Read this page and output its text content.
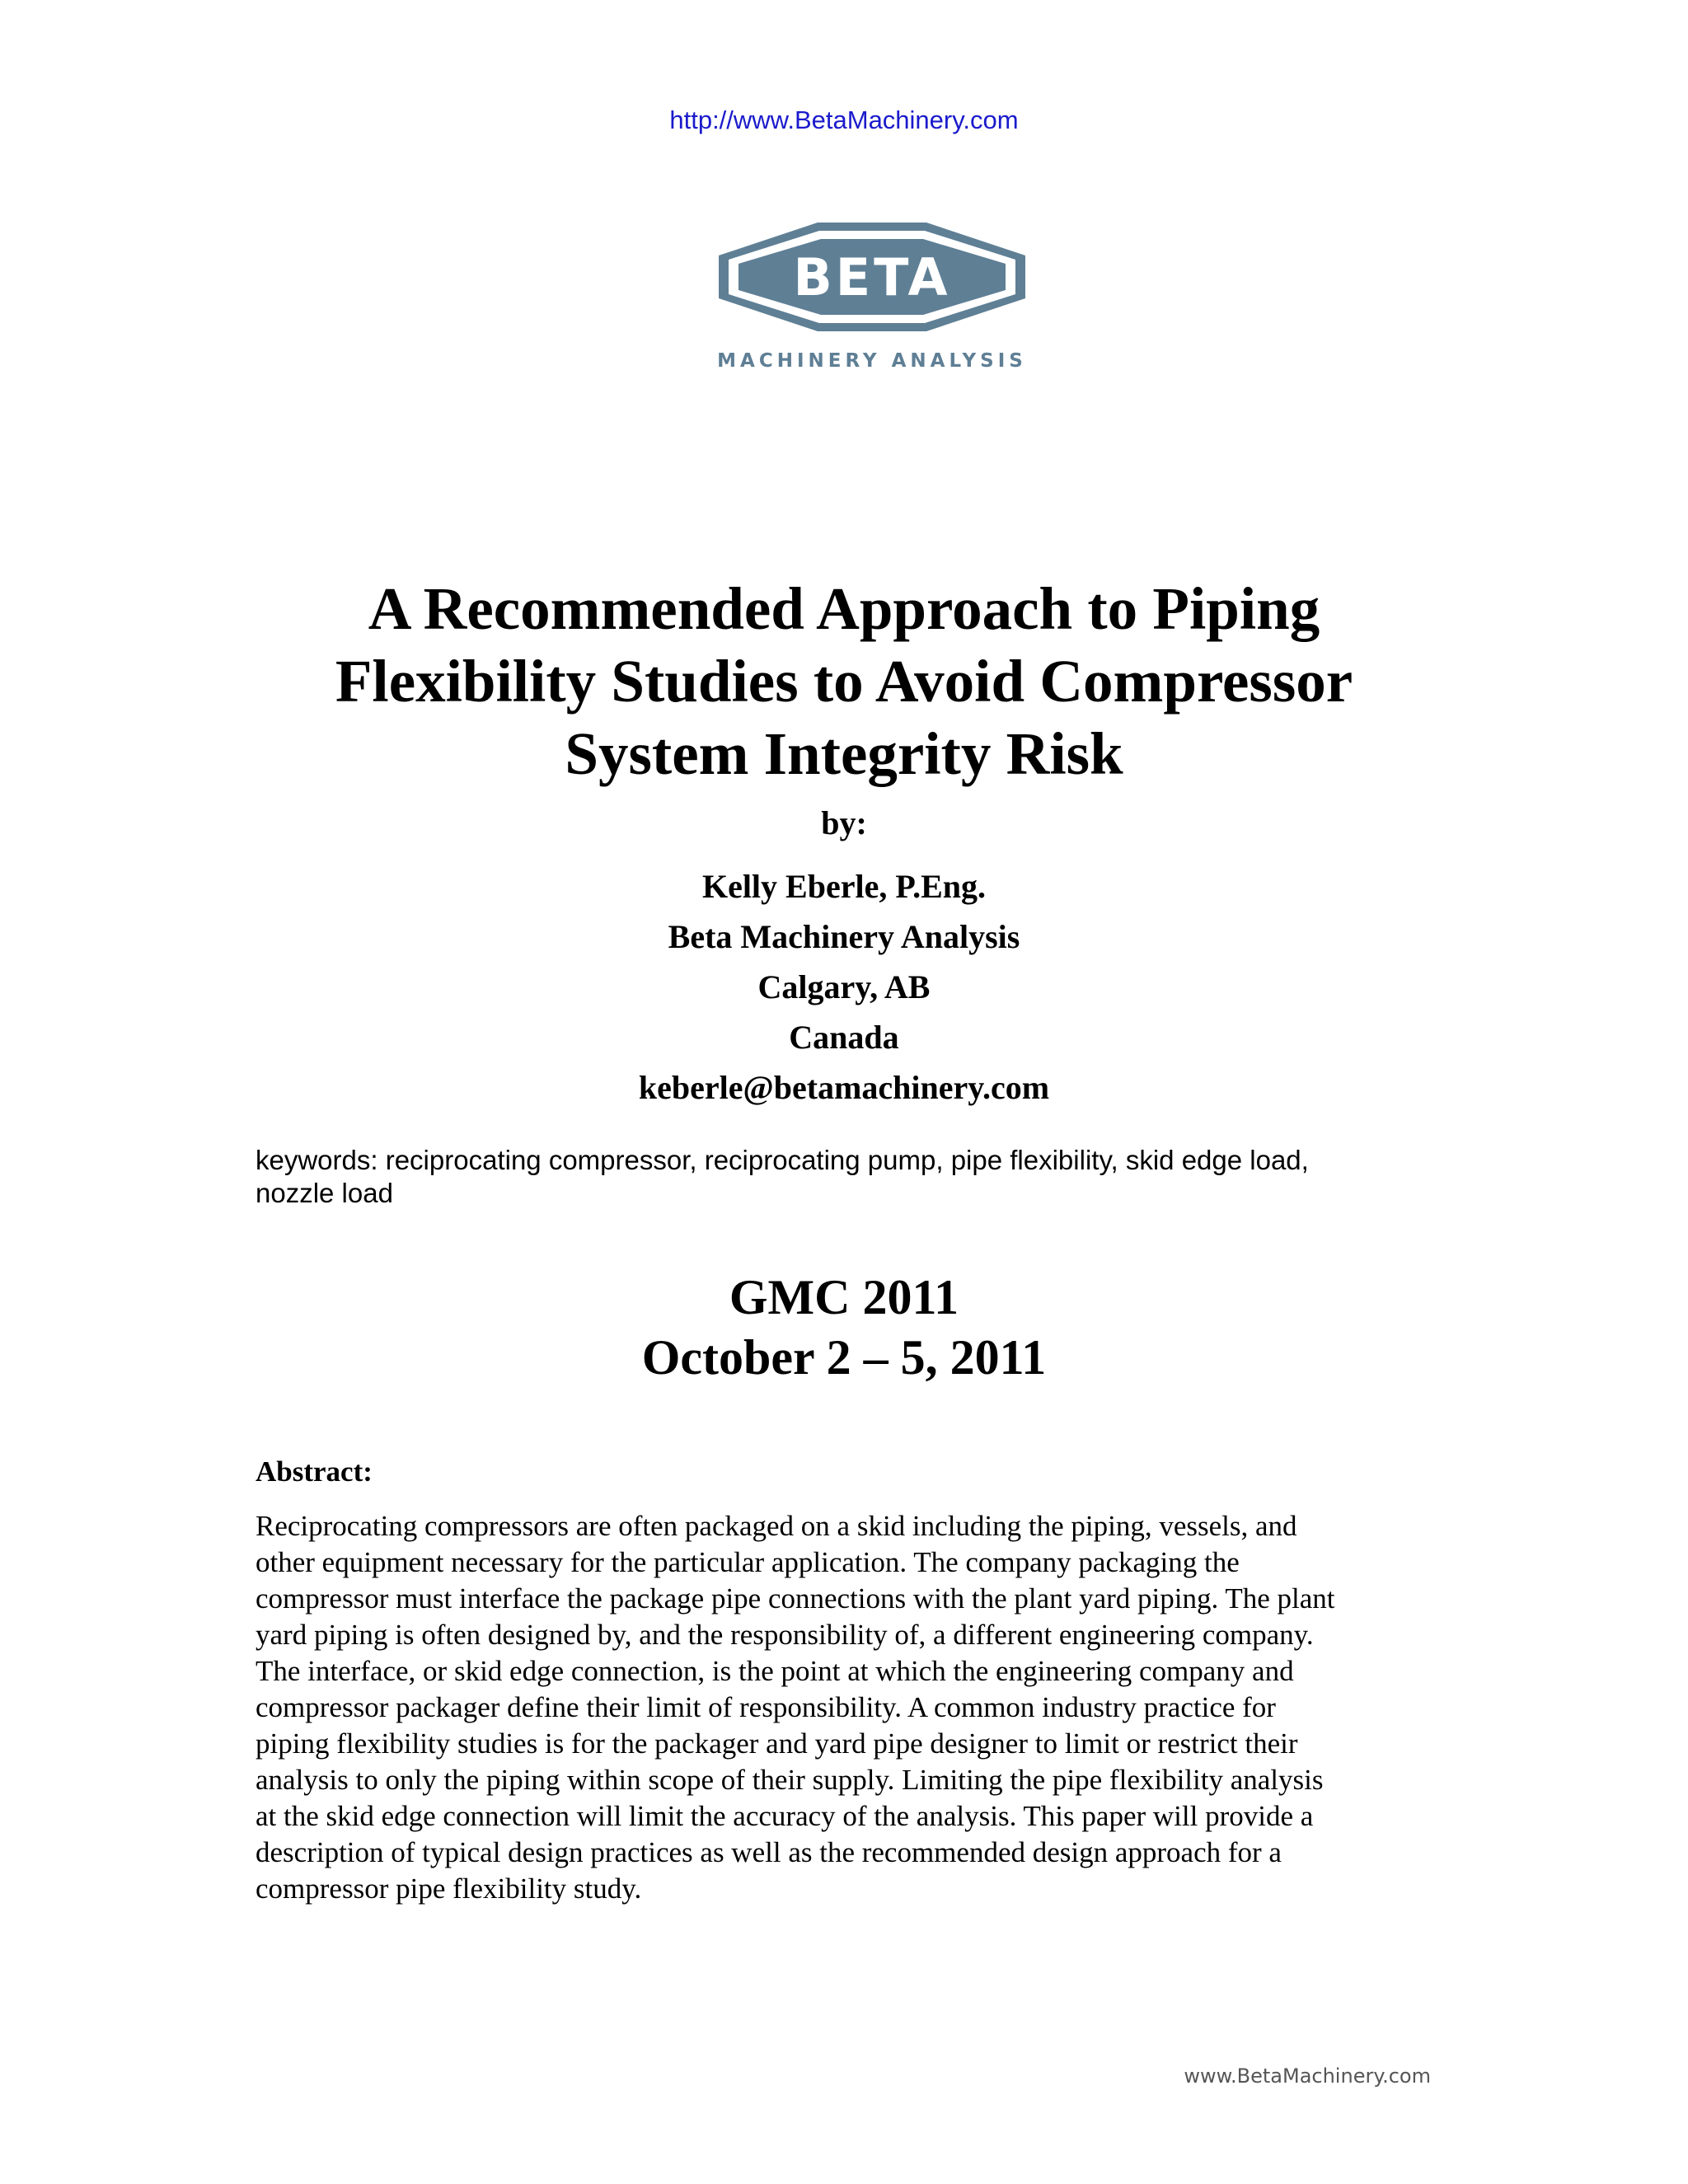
http://www.BetaMachinery.com
BETA
MACHINERY ANALYSIS
A Recommended Approach to Piping
Flexibility Studies to Avoid Compressor
System Integrity Risk
by:
Kelly Eberle, P.Eng.
Beta Machinery Analysis
Calgary, AB
Canada
keberle@betamachinery.com
keywords: reciprocating compressor, reciprocating pump, pipe flexibility, skid edge load,
nozzle load
GMC 2011
October 2 – 5, 2011
Abstract:
Reciprocating compressors are often packaged on a skid including the piping, vessels, and
other equipment necessary for the particular application. The company packaging the
compressor must interface the package pipe connections with the plant yard piping. The plant
yard piping is often designed by, and the responsibility of, a different engineering company.
The interface, or skid edge connection, is the point at which the engineering company and
compressor packager define their limit of responsibility. A common industry practice for
piping flexibility studies is for the packager and yard pipe designer to limit or restrict their
analysis to only the piping within scope of their supply. Limiting the pipe flexibility analysis
at the skid edge connection will limit the accuracy of the analysis. This paper will provide a
description of typical design practices as well as the recommended design approach for a
compressor pipe flexibility study.
www.BetaMachinery.com
